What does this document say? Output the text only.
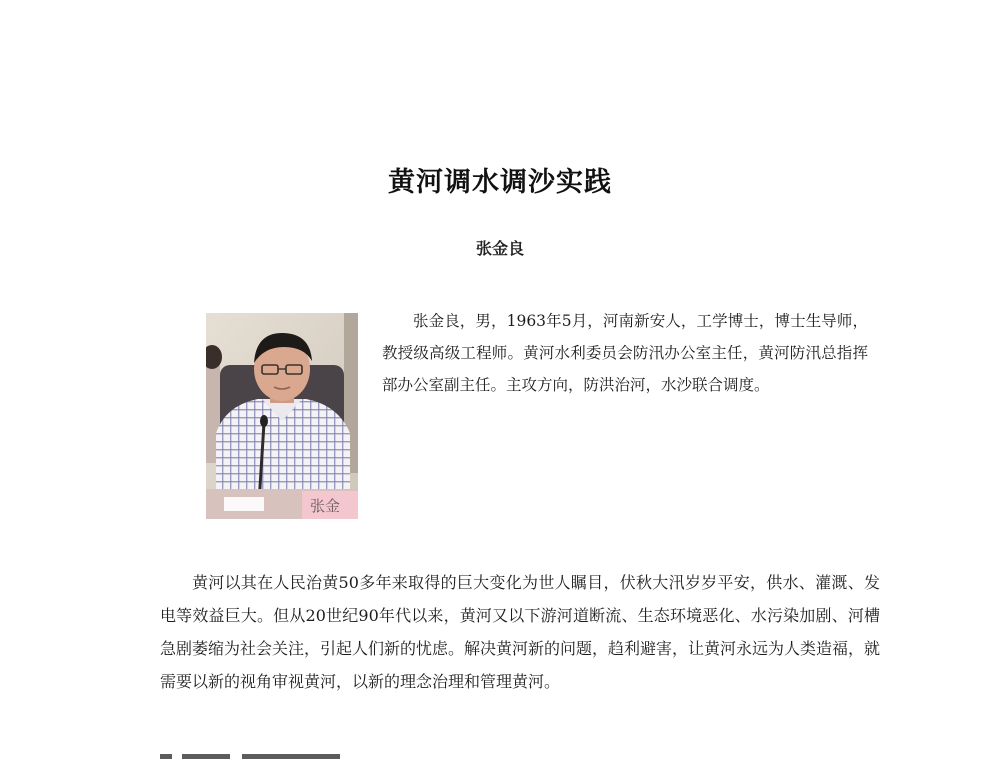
黄河调水调沙实践
张金良
张金

张金良，男，1963年5月，河南新安人，工学博士，博士生导师，教授级高级工程师。黄河水利委员会防汛办公室主任，黄河防汛总指挥部办公室副主任。主攻方向，防洪治河，水沙联合调度。

黄河以其在人民治黄50多年来取得的巨大变化为世人瞩目，伏秋大汛岁岁平安，供水、灌溉、发电等效益巨大。但从20世纪90年代以来，黄河又以下游河道断流、生态环境恶化、水污染加剧、河槽急剧萎缩为社会关注，引起人们新的忧虑。解决黄河新的问题，趋利避害，让黄河永远为人类造福，就需要以新的视角审视黄河，以新的理念治理和管理黄河。
